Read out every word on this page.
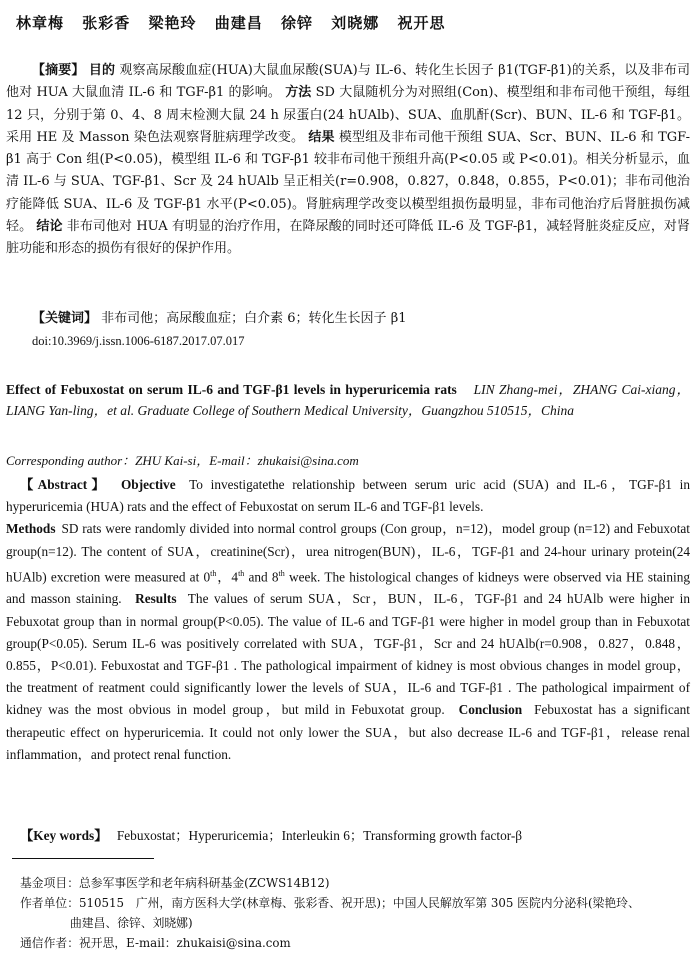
林章梅 张彩香 梁艳玲 曲建昌 徐锌 刘晓娜 祝开思
【摘要】 目的 观察高尿酸血症(HUA)大鼠血尿酸(SUA)与 IL-6、转化生长因子 β1(TGF-β1)的关系，以及非布司他对 HUA 大鼠血清 IL-6 和 TGF-β1 的影响。 方法 SD 大鼠随机分为对照组(Con)、模型组和非布司他干预组，每组 12 只，分别于第 0、4、8 周末检测大鼠 24 h 尿蛋白(24 hUAlb)、SUA、血肌酐(Scr)、BUN、IL-6 和 TGF-β1。采用 HE 及 Masson 染色法观察肾脏病理学改变。 结果 模型组及非布司他干预组 SUA、Scr、BUN、IL-6 和 TGF-β1 高于 Con 组(P<0.05)，模型组 IL-6 和 TGF-β1 较非布司他干预组升高(P<0.05 或 P<0.01)。相关分析显示，血清 IL-6 与 SUA、TGF-β1、Scr 及 24 hUAlb 呈正相关(r=0.908，0.827，0.848，0.855，P<0.01)；非布司他治疗能降低 SUA、IL-6 及 TGF-β1 水平(P<0.05)。肾脏病理学改变以模型组损伤最明显，非布司他治疗后肾脏损伤减轻。 结论 非布司他对 HUA 有明显的治疗作用，在降尿酸的同时还可降低 IL-6 及 TGF-β1，减轻肾脏炎症反应，对肾脏功能和形态的损伤有很好的保护作用。
【关键词】 非布司他；高尿酸血症；白介素 6；转化生长因子 β1
doi:10.3969/j.issn.1006-6187.2017.07.017
Effect of Febuxostat on serum IL-6 and TGF-β1 levels in hyperuricemia rats LIN Zhang-mei，ZHANG Cai-xiang，LIANG Yan-ling，et al. Graduate College of Southern Medical University，Guangzhou 510515，China
Corresponding author：ZHU Kai-si，E-mail：zhukaisi@sina.com
【Abstract】 Objective To investigatethe relationship between serum uric acid (SUA) and IL-6，TGF-β1 in hyperuricemia (HUA) rats and the effect of Febuxostat on serum IL-6 and TGF-β1 levels.
Methods SD rats were randomly divided into normal control groups (Con group，n=12)，model group (n=12) and Febuxotat group(n=12). The content of SUA，creatinine(Scr)，urea nitrogen(BUN)，IL-6，TGF-β1 and 24-hour urinary protein(24 hUAlb) excretion were measured at 0th，4th and 8th week. The histological changes of kidneys were observed via HE staining and masson staining. Results The values of serum SUA，Scr，BUN，IL-6，TGF-β1 and 24 hUAlb were higher in Febuxotat group than in normal group(P<0.05). The value of IL-6 and TGF-β1 were higher in model group than in Febuxotat group(P<0.05). Serum IL-6 was positively correlated with SUA，TGF-β1，Scr and 24 hUAlb(r=0.908，0.827，0.848，0.855，P<0.01). Febuxostat and TGF-β1 . The pathological impairment of kidney is most obvious changes in model group，the treatment of reatment could significantly lower the levels of SUA，IL-6 and TGF-β1 . The pathological impairment of kidney was the most obvious in model group，but mild in Febuxotat group. Conclusion Febuxostat has a significant therapeutic effect on hyperuricemia. It could not only lower the SUA，but also decrease IL-6 and TGF-β1，release renal inflammation，and protect renal function.
【Key words】 Febuxostat；Hyperuricemia；Interleukin 6；Transforming growth factor-β
基金项目：总参军事医学和老年病科研基金(ZCWS14B12)
作者单位：510515　广州，南方医科大学(林章梅、张彩香、祝开思)；中国人民解放军第 305 医院内分泌科(梁艳玲、
曲建昌、徐锌、刘晓娜)
通信作者：祝开思，E-mail：zhukaisi@sina.com
